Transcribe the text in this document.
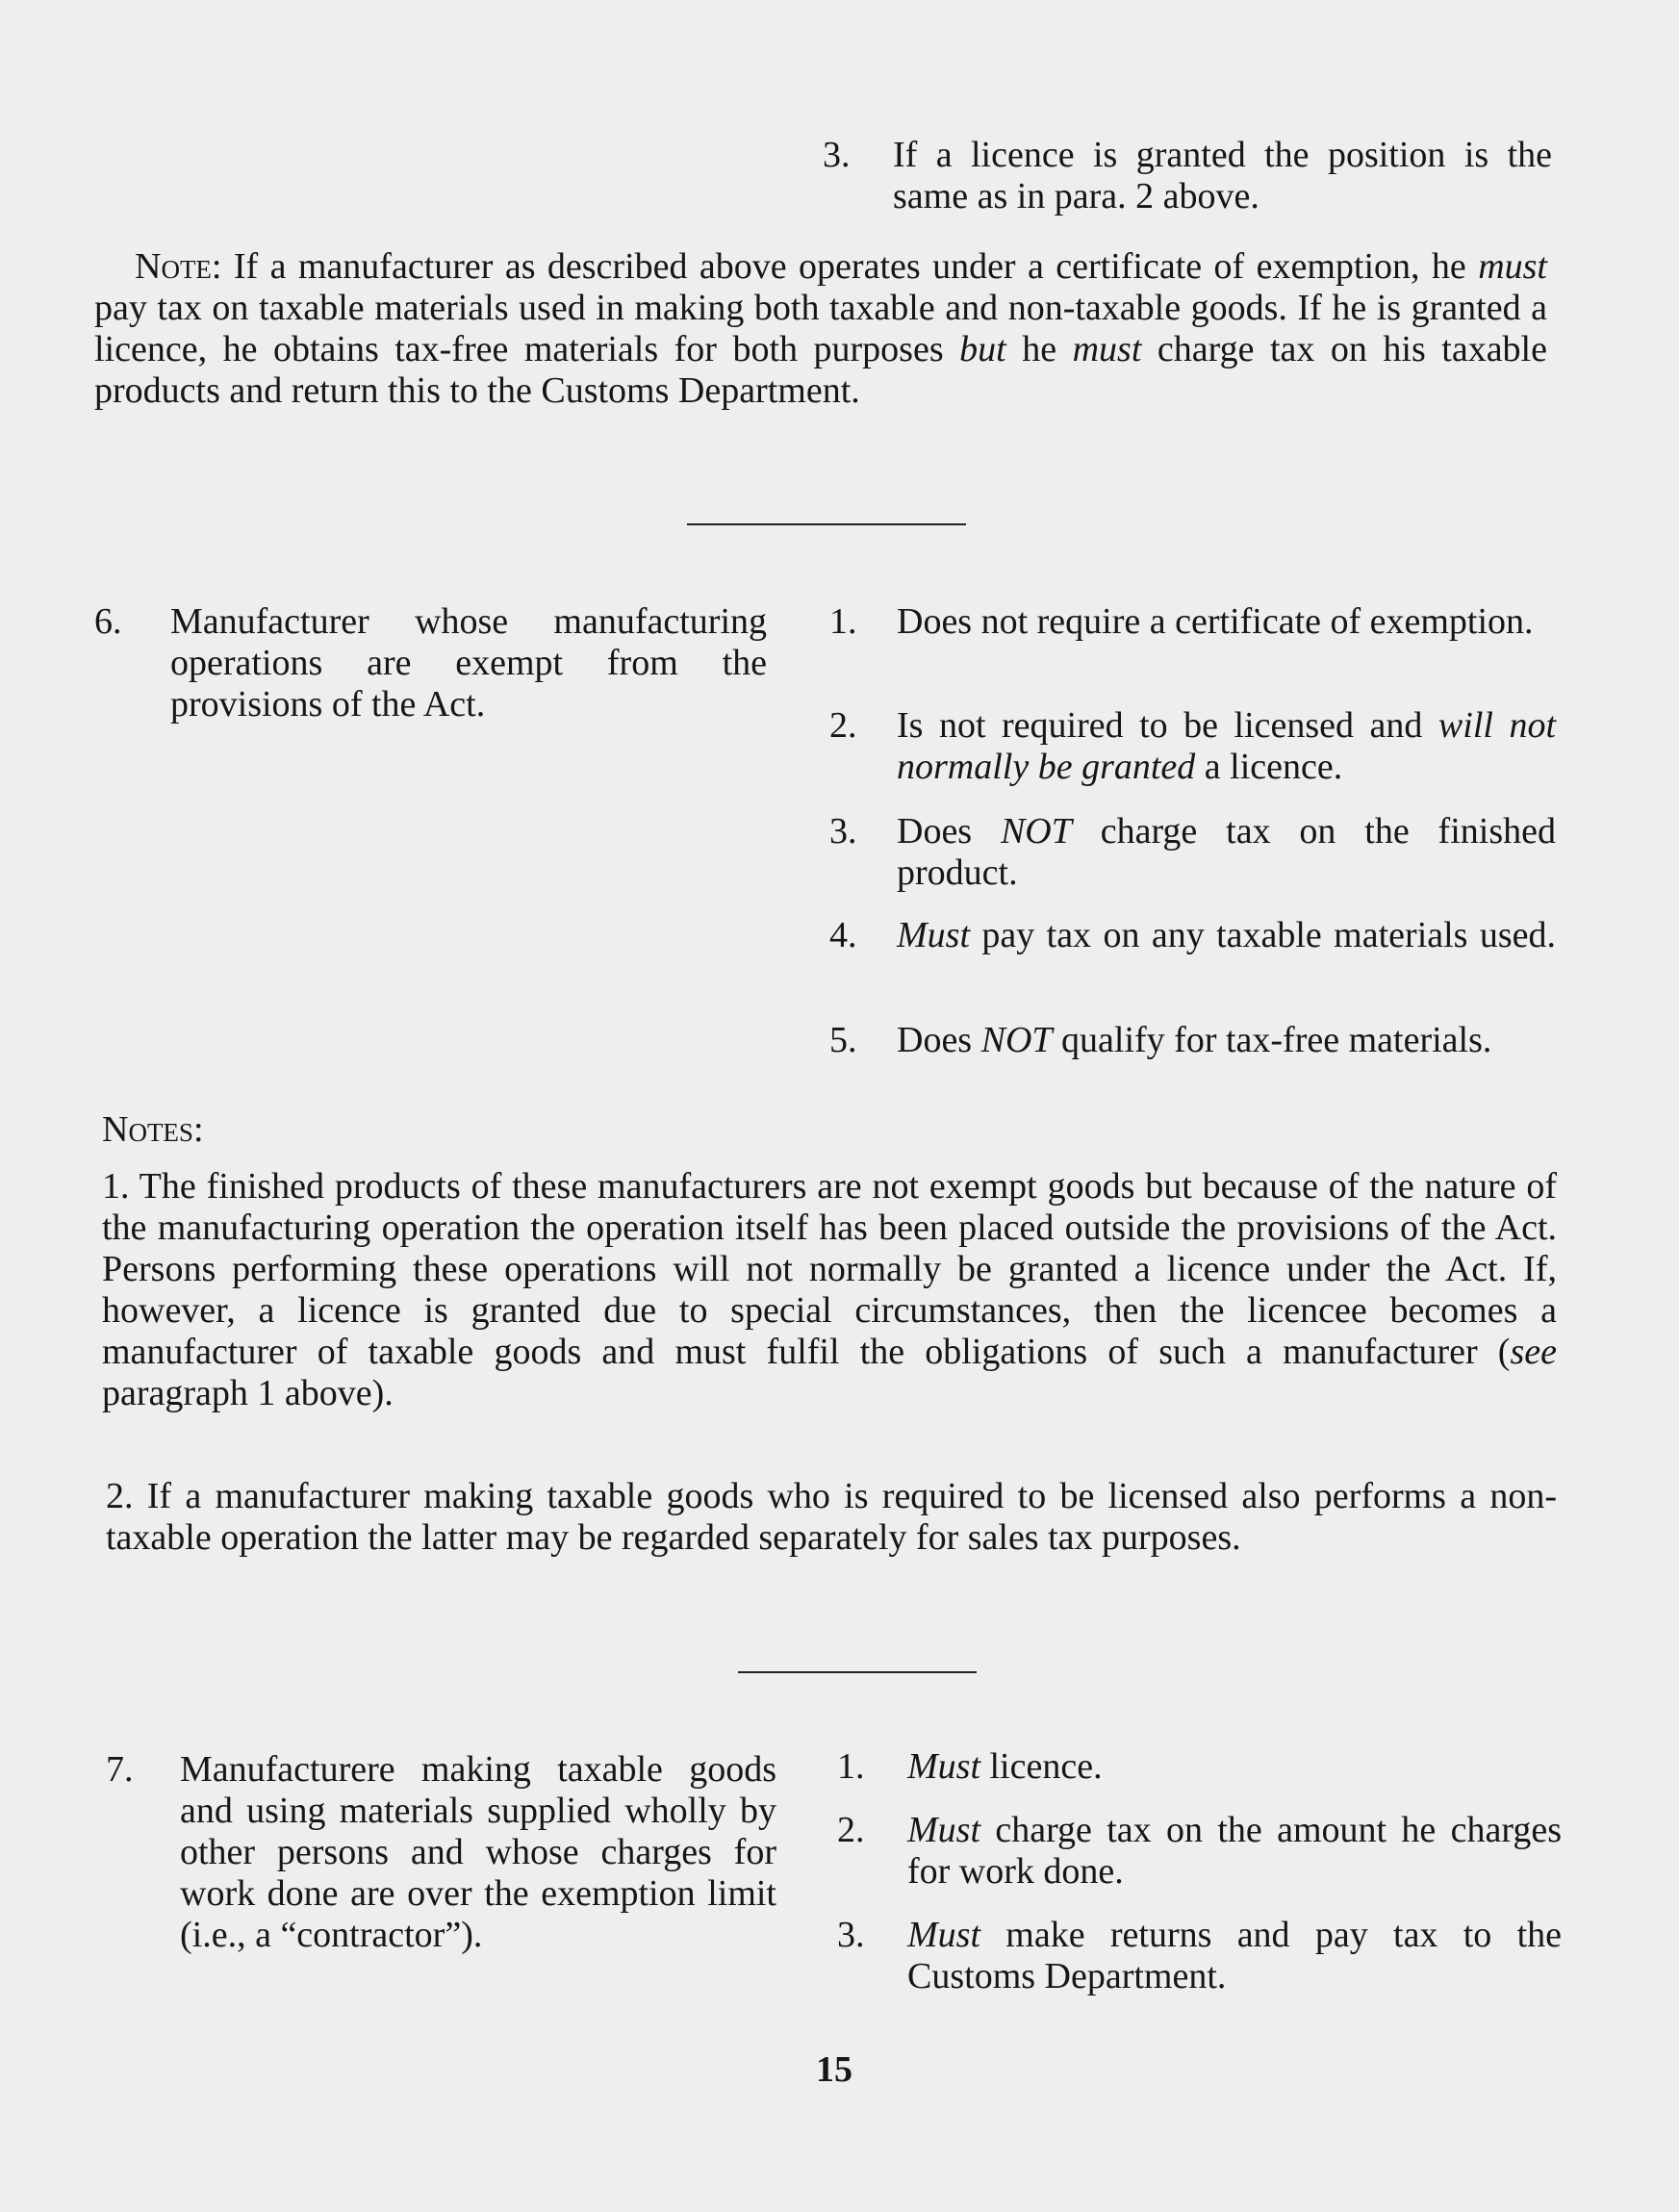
3. If a licence is granted the position is the same as in para. 2 above.
Note: If a manufacturer as described above operates under a certificate of exemption, he must pay tax on taxable materials used in making both taxable and non-taxable goods. If he is granted a licence, he obtains tax-free materials for both purposes but he must charge tax on his taxable products and return this to the Customs Department.
6. Manufacturer whose manufacturing operations are exempt from the provisions of the Act.
1. Does not require a certificate of exemption.
2. Is not required to be licensed and will not normally be granted a licence.
3. Does NOT charge tax on the finished product.
4. Must pay tax on any taxable materials used.
5. Does NOT qualify for tax-free materials.
Notes:
1. The finished products of these manufacturers are not exempt goods but because of the nature of the manufacturing operation the operation itself has been placed outside the provisions of the Act. Persons performing these operations will not normally be granted a licence under the Act. If, however, a licence is granted due to special circumstances, then the licencee becomes a manufacturer of taxable goods and must fulfil the obligations of such a manufacturer (see paragraph 1 above).
2. If a manufacturer making taxable goods who is required to be licensed also performs a non-taxable operation the latter may be regarded separately for sales tax purposes.
7. Manufacturere making taxable goods and using materials supplied wholly by other persons and whose charges for work done are over the exemption limit (i.e., a “contractor”).
1. Must licence.
2. Must charge tax on the amount he charges for work done.
3. Must make returns and pay tax to the Customs Department.
15
